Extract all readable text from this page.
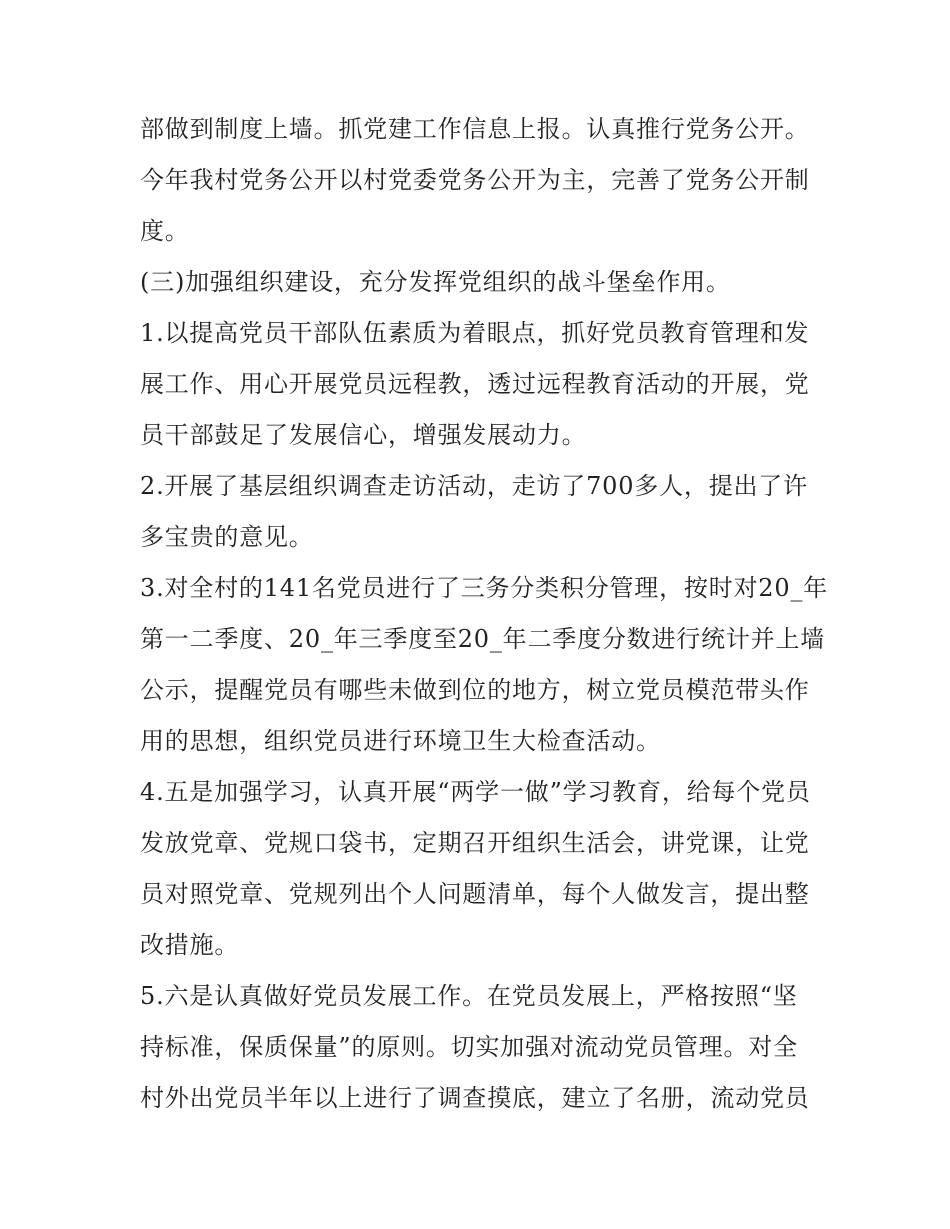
部做到制度上墙。抓党建工作信息上报。认真推行党务公开。
今年我村党务公开以村党委党务公开为主，完善了党务公开制
度。
(三)加强组织建设，充分发挥党组织的战斗堡垒作用。
1.以提高党员干部队伍素质为着眼点，抓好党员教育管理和发
展工作、用心开展党员远程教，透过远程教育活动的开展，党
员干部鼓足了发展信心，增强发展动力。
2.开展了基层组织调查走访活动，走访了700多人，提出了许
多宝贵的意见。
3.对全村的141名党员进行了三务分类积分管理，按时对20_年
第一二季度、20_年三季度至20_年二季度分数进行统计并上墙
公示，提醒党员有哪些未做到位的地方，树立党员模范带头作
用的思想，组织党员进行环境卫生大检查活动。
4.五是加强学习，认真开展“两学一做”学习教育，给每个党员
发放党章、党规口袋书，定期召开组织生活会，讲党课，让党
员对照党章、党规列出个人问题清单，每个人做发言，提出整
改措施。
5.六是认真做好党员发展工作。在党员发展上，严格按照“坚
持标准，保质保量”的原则。切实加强对流动党员管理。对全
村外出党员半年以上进行了调查摸底，建立了名册，流动党员
